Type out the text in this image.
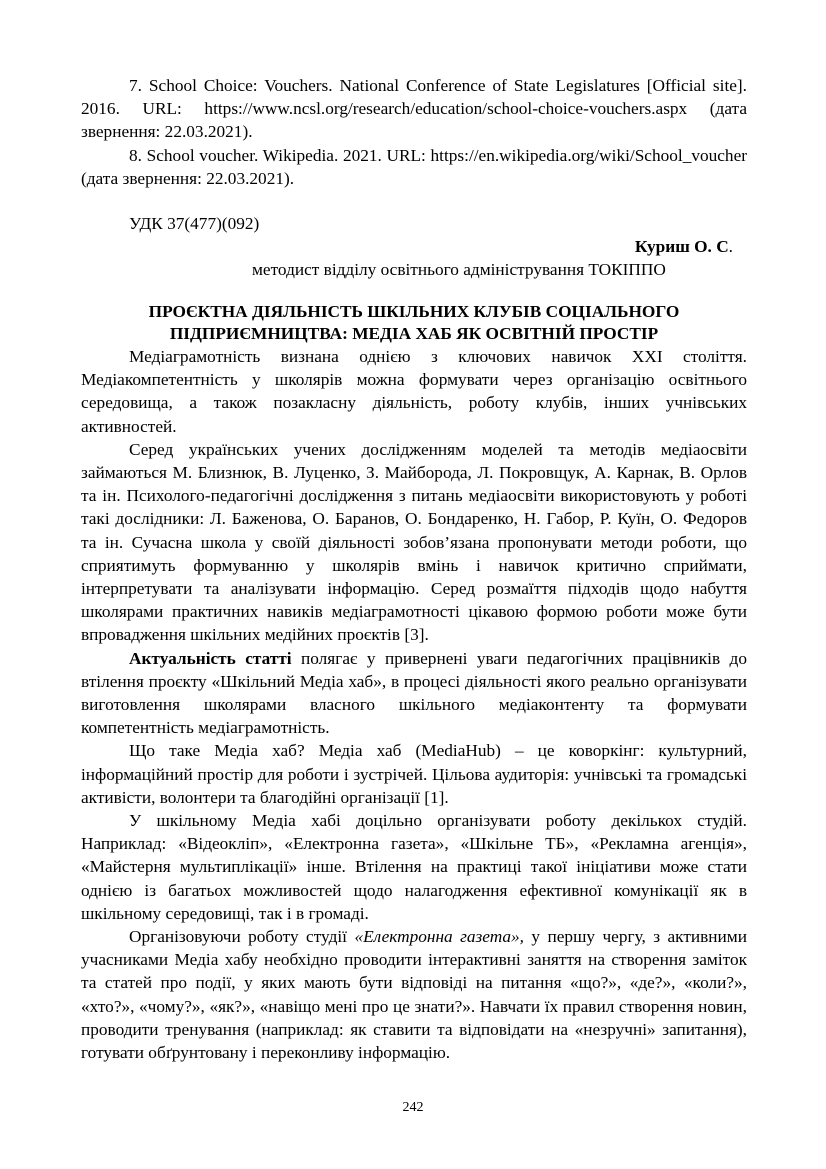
7. School Choice: Vouchers. National Conference of State Legislatures [Official site]. 2016. URL: https://www.ncsl.org/research/education/school-choice-vouchers.aspx (дата звернення: 22.03.2021).

8. School voucher. Wikipedia. 2021. URL: https://en.wikipedia.org/wiki/School_voucher (дата звернення: 22.03.2021).

УДК 37(477)(092)
Куриш О. С.
методист відділу освітнього адміністрування ТОКІППО
ПРОЄКТНА ДІЯЛЬНІСТЬ ШКІЛЬНИХ КЛУБІВ СОЦІАЛЬНОГО ПІДПРИЄМНИЦТВА: МЕДІА ХАБ ЯК ОСВІТНІЙ ПРОСТІР

Медіаграмотність визнана однією з ключових навичок ХХІ століття. Медіакомпетентність у школярів можна формувати через організацію освітнього середовища, а також позакласну діяльність, роботу клубів, інших учнівських активностей.

Серед українських учених дослідженням моделей та методів медіаосвіти займаються М. Близнюк, В. Луценко, З. Майборода, Л. Покровщук, А. Карнак, В. Орлов та ін. Психолого-педагогічні дослідження з питань медіаосвіти використовують у роботі такі дослідники: Л. Баженова, О. Баранов, О. Бондаренко, Н. Габор, Р. Куїн, О. Федоров та ін. Сучасна школа у своїй діяльності зобов’язана пропонувати методи роботи, що сприятимуть формуванню у школярів вмінь і навичок критично сприймати, інтерпретувати та аналізувати інформацію. Серед розмаїття підходів щодо набуття школярами практичних навиків медіаграмотності цікавою формою роботи може бути впровадження шкільних медійних проєктів [3].

Актуальність статті полягає у привернені уваги педагогічних працівників до втілення проєкту «Шкільний Медіа хаб», в процесі діяльності якого реально організувати виготовлення школярами власного шкільного медіаконтенту та формувати компетентність медіаграмотність.

Що таке Медіа хаб? Медіа хаб (MediaHub) – це коворкінг: культурний, інформаційний простір для роботи і зустрічей. Цільова аудиторія: учнівські та громадські активісти, волонтери та благодійні організації [1].

У шкільному Медіа хабі доцільно організувати роботу декількох студій. Наприклад: «Відеокліп», «Електронна газета», «Шкільне ТБ», «Рекламна агенція», «Майстерня мультиплікації» інше. Втілення на практиці такої ініціативи може стати однією із багатьох можливостей щодо налагодження ефективної комунікації як в шкільному середовищі, так і в громаді.

Організовуючи роботу студії «Електронна газета», у першу чергу, з активними учасниками Медіа хабу необхідно проводити інтерактивні заняття на створення заміток та статей про події, у яких мають бути відповіді на питання «що?», «де?», «коли?», «хто?», «чому?», «як?», «навіщо мені про це знати?». Навчати їх правил створення новин, проводити тренування (наприклад: як ставити та відповідати на «незручні» запитання), готувати обґрунтовану і переконливу інформацію.

242
